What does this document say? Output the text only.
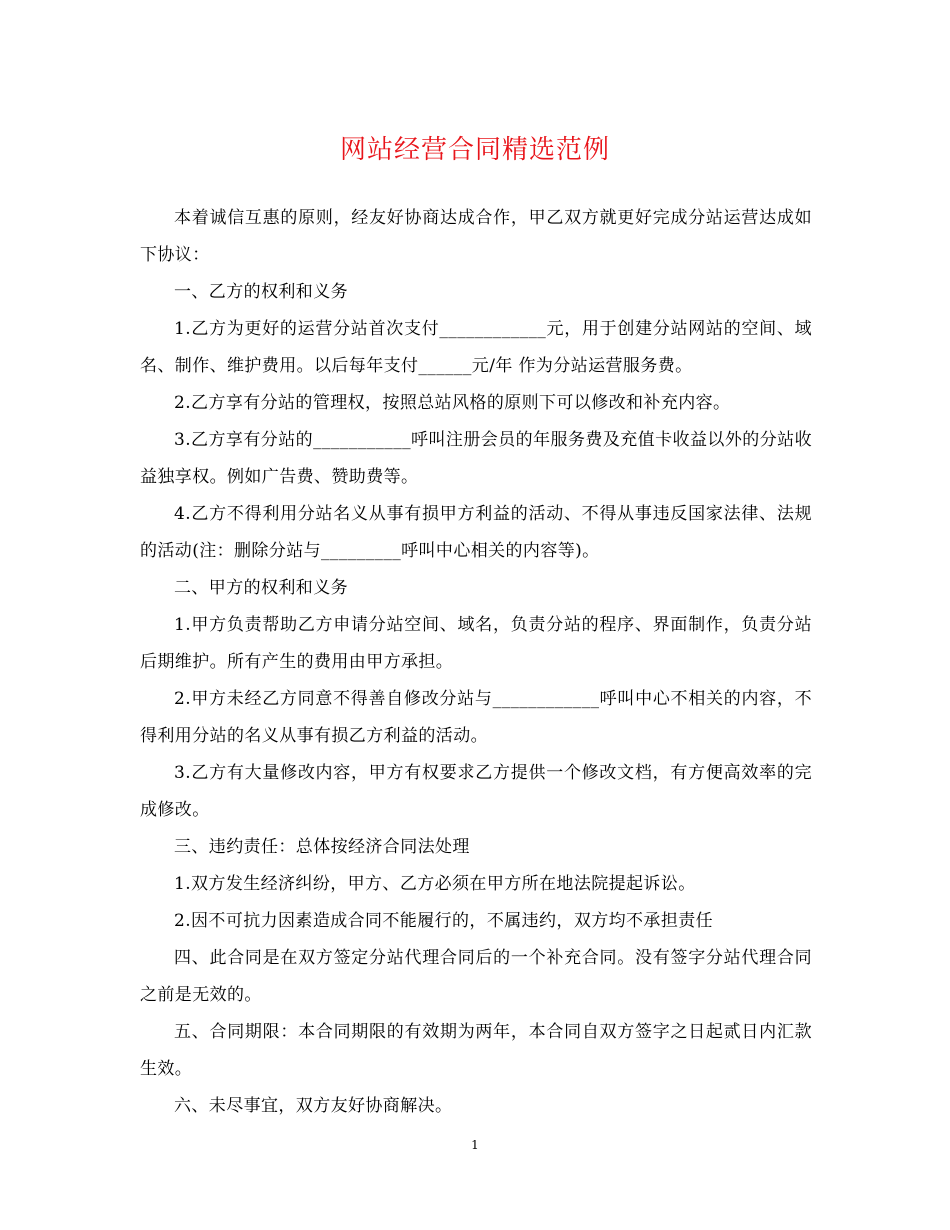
网站经营合同精选范例

本着诚信互惠的原则，经友好协商达成合作，甲乙双方就更好完成分站运营达成如下协议：

一、乙方的权利和义务

1.乙方为更好的运营分站首次支付____________元，用于创建分站网站的空间、域名、制作、维护费用。以后每年支付______元/年 作为分站运营服务费。

2.乙方享有分站的管理权，按照总站风格的原则下可以修改和补充内容。

3.乙方享有分站的___________呼叫注册会员的年服务费及充值卡收益以外的分站收益独享权。例如广告费、赞助费等。

4.乙方不得利用分站名义从事有损甲方利益的活动、不得从事违反国家法律、法规的活动(注：删除分站与_________呼叫中心相关的内容等)。

二、甲方的权利和义务

1.甲方负责帮助乙方申请分站空间、域名，负责分站的程序、界面制作，负责分站后期维护。所有产生的费用由甲方承担。

2.甲方未经乙方同意不得善自修改分站与____________呼叫中心不相关的内容，不得利用分站的名义从事有损乙方利益的活动。

3.乙方有大量修改内容，甲方有权要求乙方提供一个修改文档，有方便高效率的完成修改。

三、违约责任：总体按经济合同法处理

1.双方发生经济纠纷，甲方、乙方必须在甲方所在地法院提起诉讼。

2.因不可抗力因素造成合同不能履行的，不属违约，双方均不承担责任

四、此合同是在双方签定分站代理合同后的一个补充合同。没有签字分站代理合同之前是无效的。

五、合同期限：本合同期限的有效期为两年，本合同自双方签字之日起贰日内汇款生效。

六、未尽事宜，双方友好协商解决。

1
